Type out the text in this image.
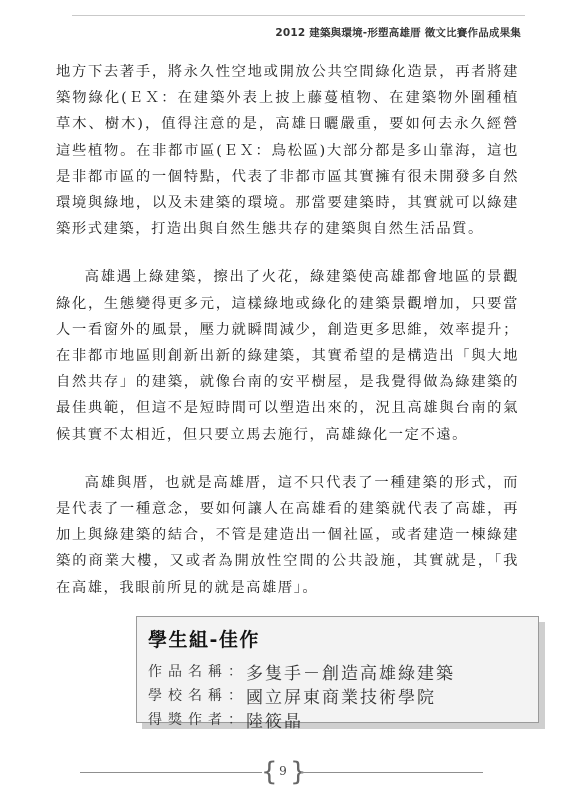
2012 建築與環境-形塑高雄厝 徵文比賽作品成果集

地方下去著手，將永久性空地或開放公共空間綠化造景，再者將建築物綠化(ＥＸ：在建築外表上披上藤蔓植物、在建築物外圍種植草木、樹木)，值得注意的是，高雄日曬嚴重，要如何去永久經營這些植物。在非都市區(ＥＸ：鳥松區)大部分都是多山靠海，這也是非都市區的一個特點，代表了非都市區其實擁有很未開發多自然環境與綠地，以及未建築的環境。那當要建築時，其實就可以綠建築形式建築，打造出與自然生態共存的建築與自然生活品質。

高雄遇上綠建築，擦出了火花，綠建築使高雄都會地區的景觀綠化，生態變得更多元，這樣綠地或綠化的建築景觀增加，只要當人一看窗外的風景，壓力就瞬間減少，創造更多思維，效率提升；在非都市地區則創新出新的綠建築，其實希望的是構造出「與大地自然共存」的建築，就像台南的安平樹屋，是我覺得做為綠建築的最佳典範，但這不是短時間可以塑造出來的，況且高雄與台南的氣候其實不太相近，但只要立馬去施行，高雄綠化一定不遠。

高雄與厝，也就是高雄厝，這不只代表了一種建築的形式，而是代表了一種意念，要如何讓人在高雄看的建築就代表了高雄，再加上與綠建築的結合，不管是建造出一個社區，或者建造一棟綠建築的商業大樓，又或者為開放性空間的公共設施，其實就是，「我在高雄，我眼前所見的就是高雄厝」。

學生組-佳作

作品名稱：
多隻手－創造高雄綠建築
學校名稱：
國立屏東商業技術學院
得獎作者：
陸筱晶
{ 9 }
